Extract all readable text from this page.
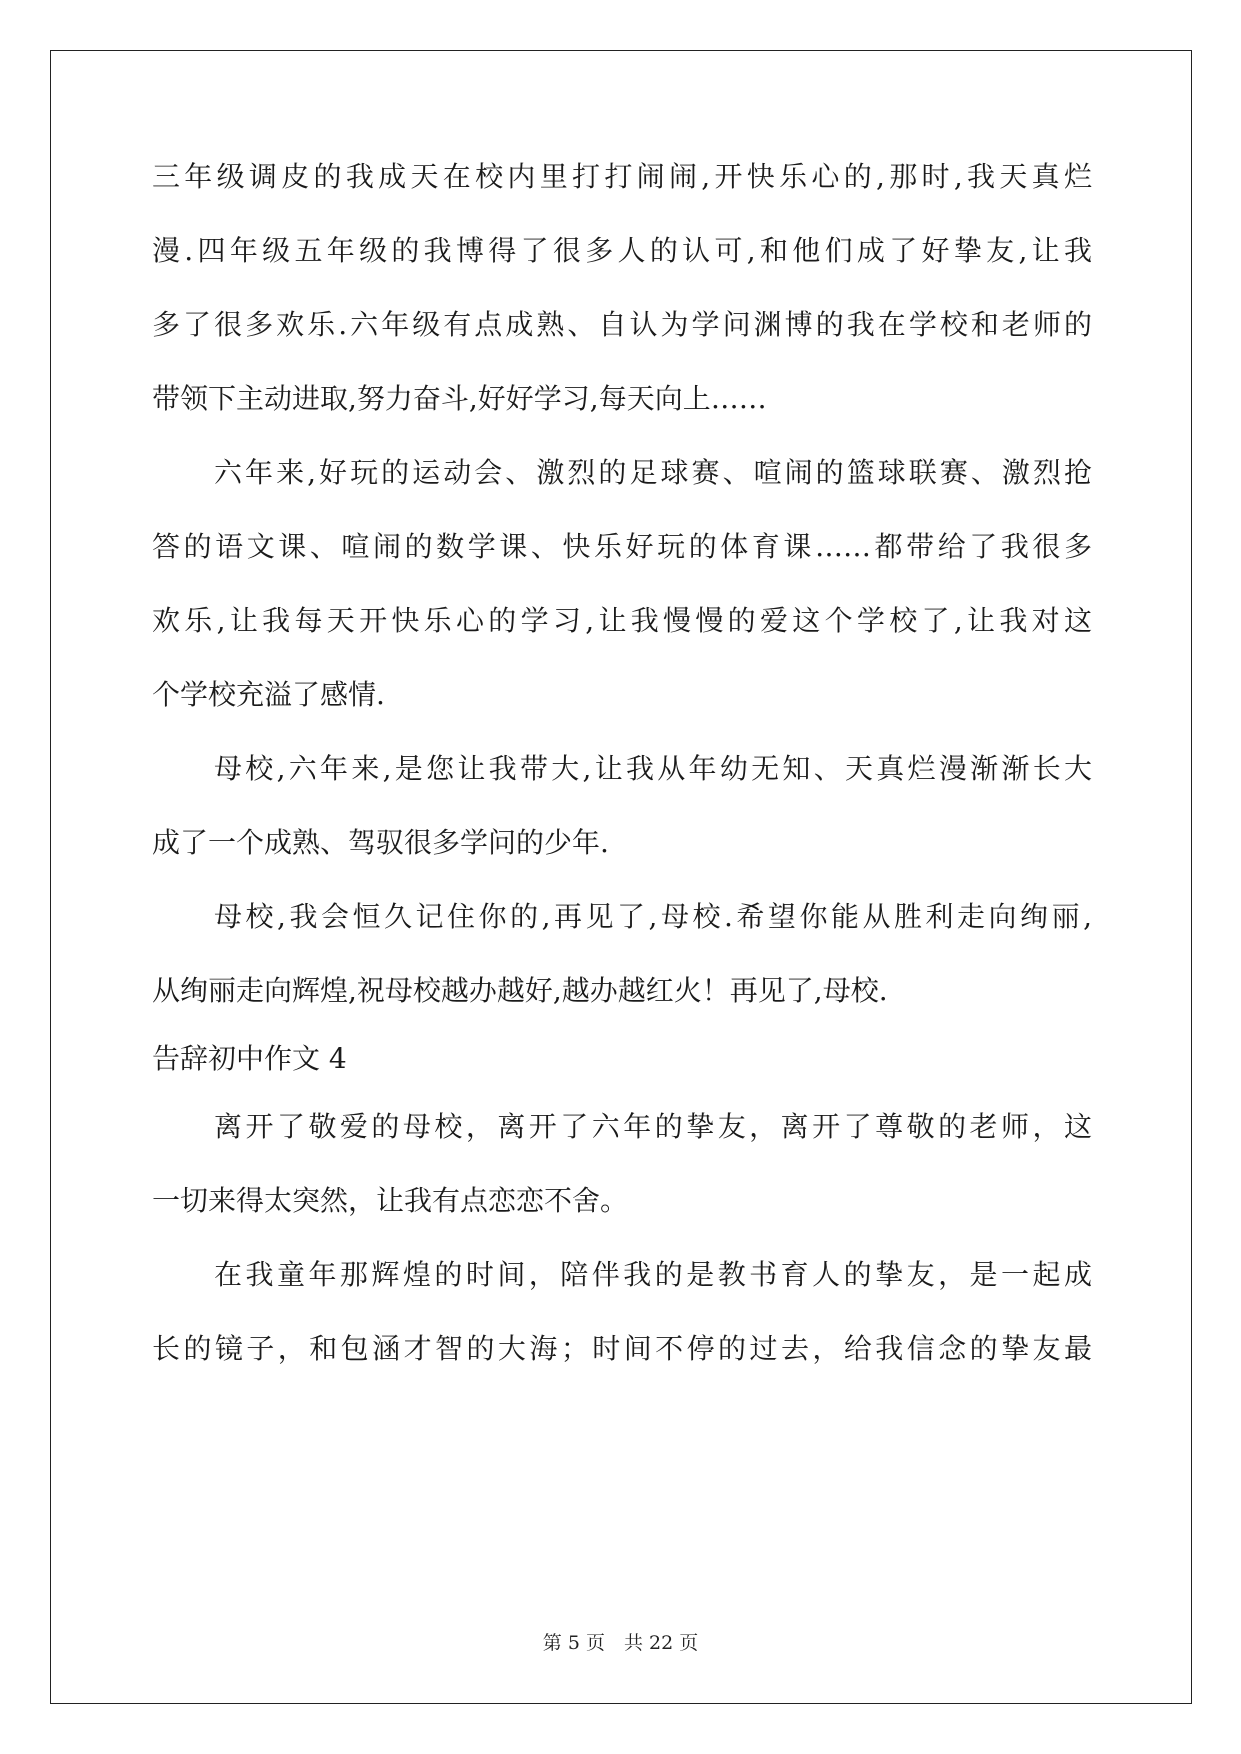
三年级调皮的我成天在校内里打打闹闹,开快乐心的,那时,我天真烂
漫.四年级五年级的我博得了很多人的认可,和他们成了好挚友,让我
多了很多欢乐.六年级有点成熟、自认为学问渊博的我在学校和老师的
带领下主动进取,努力奋斗,好好学习,每天向上……
六年来,好玩的运动会、激烈的足球赛、喧闹的篮球联赛、激烈抢
答的语文课、喧闹的数学课、快乐好玩的体育课……都带给了我很多
欢乐,让我每天开快乐心的学习,让我慢慢的爱这个学校了,让我对这
个学校充溢了感情.
母校,六年来,是您让我带大,让我从年幼无知、天真烂漫渐渐长大
成了一个成熟、驾驭很多学问的少年.
母校,我会恒久记住你的,再见了,母校.希望你能从胜利走向绚丽,
从绚丽走向辉煌,祝母校越办越好,越办越红火！再见了,母校.
告辞初中作文 4
离开了敬爱的母校，离开了六年的挚友，离开了尊敬的老师，这
一切来得太突然，让我有点恋恋不舍。
在我童年那辉煌的时间，陪伴我的是教书育人的挚友，是一起成
长的镜子，和包涵才智的大海；时间不停的过去，给我信念的挚友最
第 5 页　共 22 页
